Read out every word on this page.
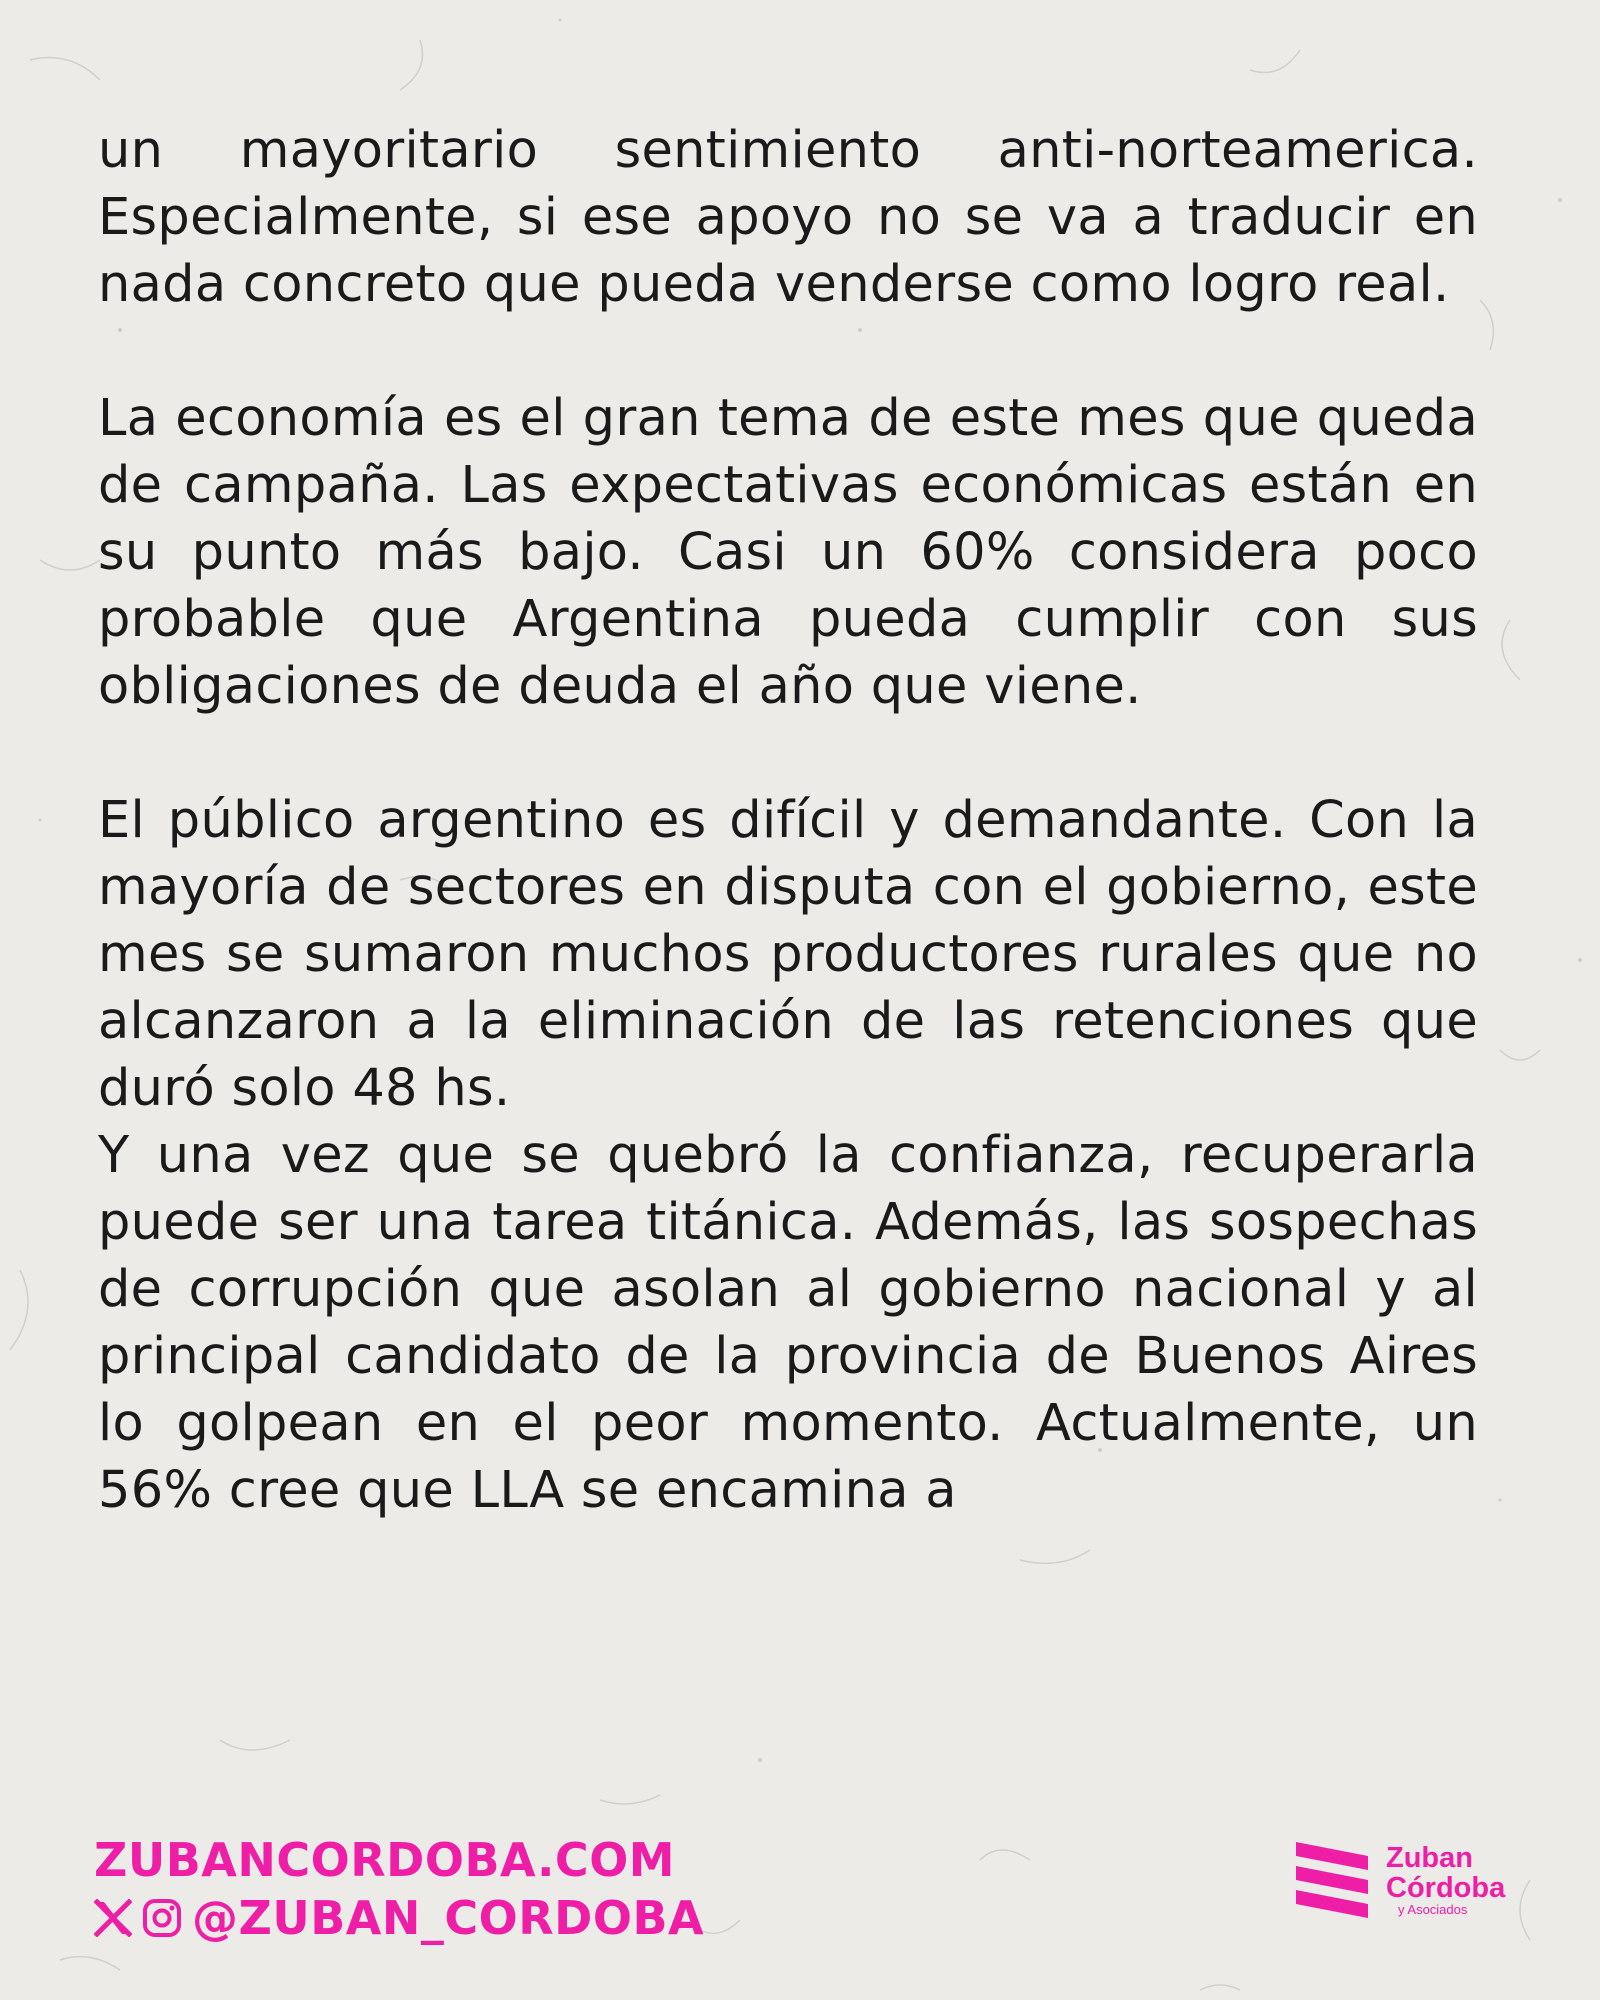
un mayoritario sentimiento anti-norteamerica. Especialmente, si ese apoyo no se va a traducir en nada concreto que pueda venderse como logro real.

La economía es el gran tema de este mes que queda de campaña. Las expectativas económicas están en su punto más bajo. Casi un 60% considera poco probable que Argentina pueda cumplir con sus obligaciones de deuda el año que viene.

El público argentino es difícil y demandante. Con la mayoría de sectores en disputa con el gobierno, este mes se sumaron muchos productores rurales que no alcanzaron a la eliminación de las retenciones que duró solo 48 hs.

Y una vez que se quebró la confianza, recuperarla puede ser una tarea titánica. Además, las sospechas de corrupción que asolan al gobierno nacional y al principal candidato de la provincia de Buenos Aires lo golpean en el peor momento. Actualmente, un 56% cree que LLA se encamina a

ZUBANCORDOBA.COM
@ZUBAN_CORDOBA
Zuban
Córdoba
y Asociados
